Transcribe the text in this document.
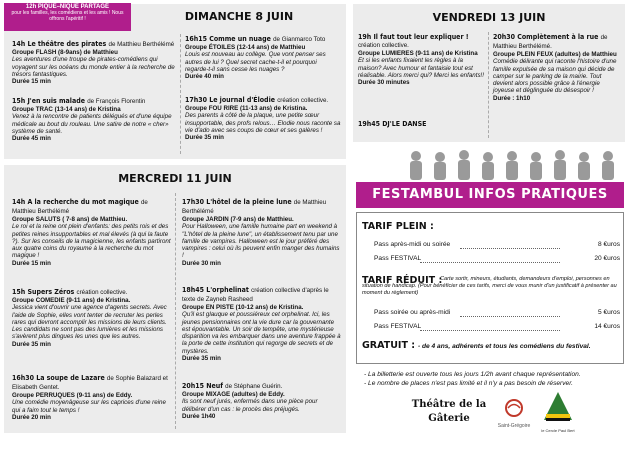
DIMANCHE 8 JUIN
12h PIQUE–NIQUE PARTAGÉ
pour les familles, les comédiens et les amis ! Nous offrons l'apéritif !
14h Le théâtre des pirates de Matthieu Berthélémé
Groupe FLASH (8-9ans) de Matthieu
Les aventures d'une troupe de pirates-comédiens qui voyagent sur les océans du monde entier à la recherche de trésors fantastiques.
Durée 15 min
15h J'en suis malade de François Florentin
Groupe TRAC (13-14 ans) de Kristina
Venez à la rencontre de patients délégués et d'une équipe médicale au bout du rouleau. Une satire de notre « cher» système de santé.
Durée 45 min
16h15 Comme un nuage de Gianmarco Toto
Groupe ÉTOILES (12-14 ans) de Matthieu
Louis est nouveau au collège. Que vont penser ses autres de lui ? Quel secret cache-t-il et pourquoi regarde-t-il sans cesse les nuages ?
Durée 40 min
17h30 Le journal d'Élodie création collective.
Groupe FOU RIRE (11-13 ans) de Kristina.
Des parents à côté de la plaque, une petite sœur insupportable, des profs relous… Elodie nous raconte sa vie d'ado avec ses coups de cœur et ses galères !
Durée 35 min
VENDREDI 13 JUIN
19h Il faut tout leur expliquer ! création collective.
Groupe LUMIERES (9-11 ans) de Kristina
Et si les enfants fixaient les règles à la maison? Avec humour et fantaisie tout est réalisable. Alors merci qui? Merci les enfants!!
Durée 30 minutes
20h30 Complètement à la rue de Matthieu Berthélémé.
Groupe PLEIN FEUX (adultes) de Matthieu
Comédie délirante qui raconte l'histoire d'une famille expulsée de sa maison qui décide de camper sur le parking de la mairie. Tout devient alors possible grâce à l'énergie joyeuse et déglinguée du désespoir !
Durée : 1h10
19h45 DJ'LE DANSE
MERCREDI 11 JUIN
14h A la recherche du mot magique de Matthieu Berthélémé
Groupe SALUTS ( 7-8 ans) de Matthieu.
Le roi et la reine ont plein d'enfants: des petits rois et des petites reines insupportables et mal élevés (à qui la faute ?). Sur les conseils de la magicienne, les enfants partiront aux quatre coins du royaume à la recherche du mot magique !
Durée 15 min
15h Supers Zéros création collective.
Groupe COMEDIE (9-11 ans) de Kristina.
Jessica vient d'ouvrir une agence d'agents secrets. Avec l'aide de Sophie, elles vont tenter de recruter les perles rares qui devront accomplir les missions de leurs clients. Les candidats ne sont pas des lumières et les missions s'avèrent plus dingues les unes que les autres.
Durée 35 min
16h30 La soupe de Lazare de Sophie Balazard et Elisabeth Gentet.
Groupe PERRUQUES (9-11 ans) de Eddy.
Une comédie moyenâgeuse sur les caprices d'une reine qui a faim tout le temps !
Durée 20 min
17h30 L'hôtel de la pleine lune de Matthieu Berthélémé
Groupe JARDIN (7-9 ans) de Matthieu.
Pour Halloween, une famille humaine part en weekend à "L'hôtel de la pleine lune", un établissement tenu par une famille de vampires. Halloween est le jour préféré des vampires : celui où ils peuvent enfin manger des humains !
Durée 30 min
18h45 L'orphelinat création collective d'après le texte de Zayneb Rasheed
Groupe EN PISTE (10-12 ans) de Kristina.
Qu'il est glauque et poussiéreux cet orphelinat. Ici, les jeunes pensionnaires ont la vie dure car la gouvernante est épouvantable. Un soir de tempête, une mystérieuse disparition va les embarquer dans une aventure frappée à la porte de cette institution qui regorge de secrets et de mystères.
Durée 35 min
20h15 Neuf de Stéphane Guérin.
Groupe MIXAGE (adultes) de Eddy.
Ils sont neuf jurés, enfermés dans une pièce pour délibérer d'un cas : le procès des préjugés.
Durée 1h40
FESTAMBUL INFOS PRATIQUES
TARIF PLEIN :
Pass après-midi ou soirée	8 €uros
Pass FESTIVAL	20 €uros
TARIF RÉDUIT :
Carte sortir, mineurs, étudiants, demandeurs d'emploi, personnes en situation de handicap. (Pour bénéficier de ces tarifs, merci de vous munir d'un justificatif à présenter au moment du règlement)
Pass soirée ou après-midi	5 €uros
Pass FESTIVAL	14 €uros
GRATUIT : - de 4 ans, adhérents et tous les comédiens du festival.
- La billetterie est ouverte tous les jours 1/2h avant chaque représentation.
- Le nombre de places n'est pas limité et il n'y a pas besoin de réserver.
Théâtre de la Gâterie
Saint-Grégoire
le Cercle Paul Bert
